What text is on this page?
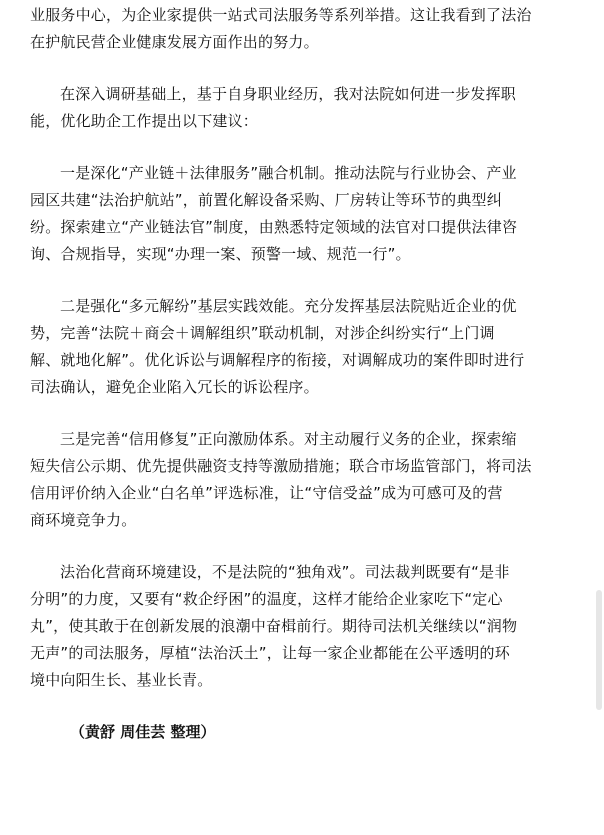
业服务中心，为企业家提供一站式司法服务等系列举措。这让我看到了法治
在护航民营企业健康发展方面作出的努力。

在深入调研基础上，基于自身职业经历，我对法院如何进一步发挥职
能，优化助企工作提出以下建议：

一是深化“产业链＋法律服务”融合机制。推动法院与行业协会、产业
园区共建“法治护航站”，前置化解设备采购、厂房转让等环节的典型纠
纷。探索建立“产业链法官”制度，由熟悉特定领域的法官对口提供法律咨
询、合规指导，实现“办理一案、预警一域、规范一行”。

二是强化“多元解纷”基层实践效能。充分发挥基层法院贴近企业的优
势，完善“法院＋商会＋调解组织”联动机制，对涉企纠纷实行“上门调
解、就地化解”。优化诉讼与调解程序的衔接，对调解成功的案件即时进行
司法确认，避免企业陷入冗长的诉讼程序。

三是完善“信用修复”正向激励体系。对主动履行义务的企业，探索缩
短失信公示期、优先提供融资支持等激励措施；联合市场监管部门，将司法
信用评价纳入企业“白名单”评选标准，让“守信受益”成为可感可及的营
商环境竞争力。

法治化营商环境建设，不是法院的“独角戏”。司法裁判既要有“是非
分明”的力度，又要有“救企纾困”的温度，这样才能给企业家吃下“定心
丸”，使其敢于在创新发展的浪潮中奋楫前行。期待司法机关继续以“润物
无声”的司法服务，厚植“法治沃土”，让每一家企业都能在公平透明的环
境中向阳生长、基业长青。

（黄舒 周佳芸 整理）
